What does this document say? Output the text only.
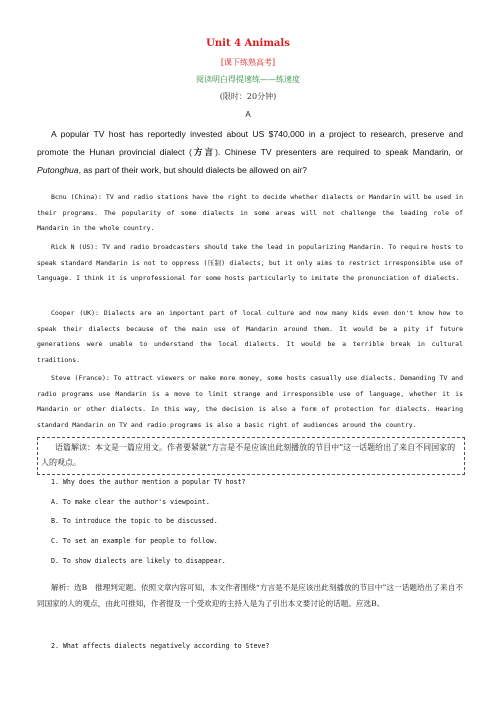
Unit 4 Animals
[课下练熟高考]
阅读明白得提速练——练速度
(限时：20分钟)
A
A popular TV host has reportedly invested about US $740,000 in a project to research, preserve and promote the Hunan provincial dialect (方言). Chinese TV presenters are required to speak Mandarin, or Putonghua, as part of their work, but should dialects be allowed on air?
Bcnu (China): TV and radio stations have the right to decide whether dialects or Mandarin will be used in their programs. The popularity of some dialects in some areas will not challenge the leading role of Mandarin in the whole country.
Rick N (US): TV and radio broadcasters should take the lead in popularizing Mandarin. To require hosts to speak standard Mandarin is not to oppress (压制) dialects, but it only aims to restrict irresponsible use of language. I think it is unprofessional for some hosts particularly to imitate the pronunciation of dialects.
Cooper (UK): Dialects are an important part of local culture and now many kids even don't know how to speak their dialects because of the main use of Mandarin around them. It would be a pity if future generations were unable to understand the local dialects. It would be a terrible break in cultural traditions.
Steve (France): To attract viewers or make more money, some hosts casually use dialects. Demanding TV and radio programs use Mandarin is a move to limit strange and irresponsible use of language, whether it is Mandarin or other dialects. In this way, the decision is also a form of protection for dialects. Hearing standard Mandarin on TV and radio programs is also a basic right of audiences around the country.
语篇解读：本文是一篇应用文。作者要紧就“方言是不是应该出此刻播放的节目中”这一话题给出了来自不同国家的人的观点。
1. Why does the author mention a popular TV host?
A. To make clear the author's viewpoint.
B. To introduce the topic to be discussed.
C. To set an example for people to follow.
D. To show dialects are likely to disappear.
解析：选B　推理判定题。依照文章内容可知，本文作者围绕“方言是不是应该出此刻播放的节目中”这一话题给出了来自不同国家的人的观点，由此可推知，作者提及一个受欢迎的主持人是为了引出本文要讨论的话题。应选B。
2. What affects dialects negatively according to Steve?
